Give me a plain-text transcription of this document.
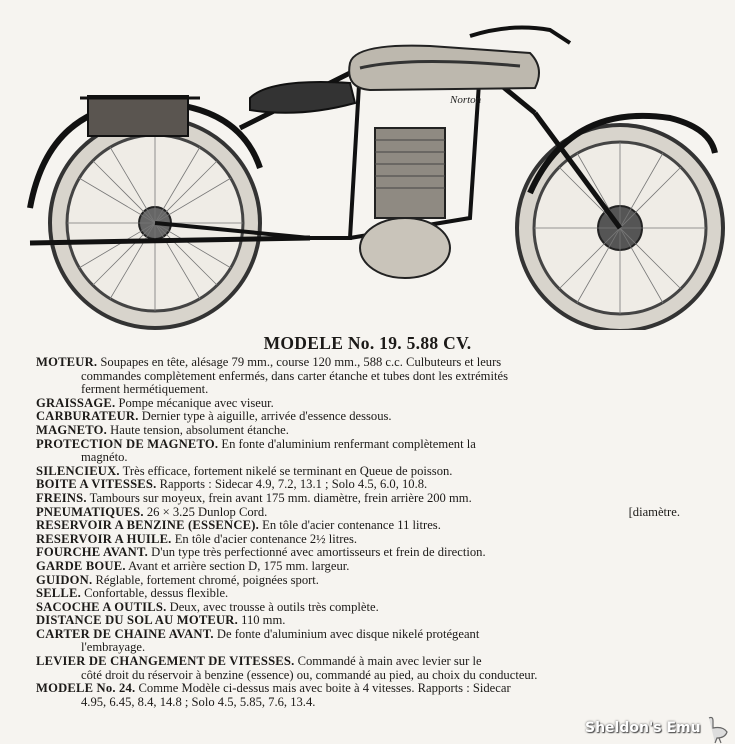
Norton
MODELE No. 19. 5.88 CV.
MOTEUR. Soupapes en tête, alésage 79 mm., course 120 mm., 588 c.c. Culbuteurs et leurs
commandes complètement enfermés, dans carter étanche et tubes dont les extrémités
ferment hermétiquement.
GRAISSAGE. Pompe mécanique avec viseur.
CARBURATEUR. Dernier type à aiguille, arrivée d'essence dessous.
MAGNETO. Haute tension, absolument étanche.
PROTECTION DE MAGNETO. En fonte d'aluminium renfermant complètement la
magnéto.
SILENCIEUX. Très efficace, fortement nikelé se terminant en Queue de poisson.
BOITE A VITESSES. Rapports : Sidecar 4.9, 7.2, 13.1 ; Solo 4.5, 6.0, 10.8.
FREINS. Tambours sur moyeux, frein avant 175 mm. diamètre, frein arrière 200 mm.
[diamètre.
PNEUMATIQUES. 26 × 3.25 Dunlop Cord.
RESERVOIR A BENZINE (ESSENCE). En tôle d'acier contenance 11 litres.
RESERVOIR A HUILE. En tôle d'acier contenance 2½ litres.
FOURCHE AVANT. D'un type très perfectionné avec amortisseurs et frein de direction.
GARDE BOUE. Avant et arrière section D, 175 mm. largeur.
GUIDON. Réglable, fortement chromé, poignées sport.
SELLE. Confortable, dessus flexible.
SACOCHE A OUTILS. Deux, avec trousse à outils très complète.
DISTANCE DU SOL AU MOTEUR. 110 mm.
CARTER DE CHAINE AVANT. De fonte d'aluminium avec disque nikelé protégeant
l'embrayage.
LEVIER DE CHANGEMENT DE VITESSES. Commandé à main avec levier sur le
côté droit du réservoir à benzine (essence) ou, commandé au pied, au choix du conducteur.
MODELE No. 24. Comme Modèle ci-dessus mais avec boite à 4 vitesses. Rapports : Sidecar
4.95, 6.45, 8.4, 14.8 ; Solo 4.5, 5.85, 7.6, 13.4.
Sheldon's Emu
